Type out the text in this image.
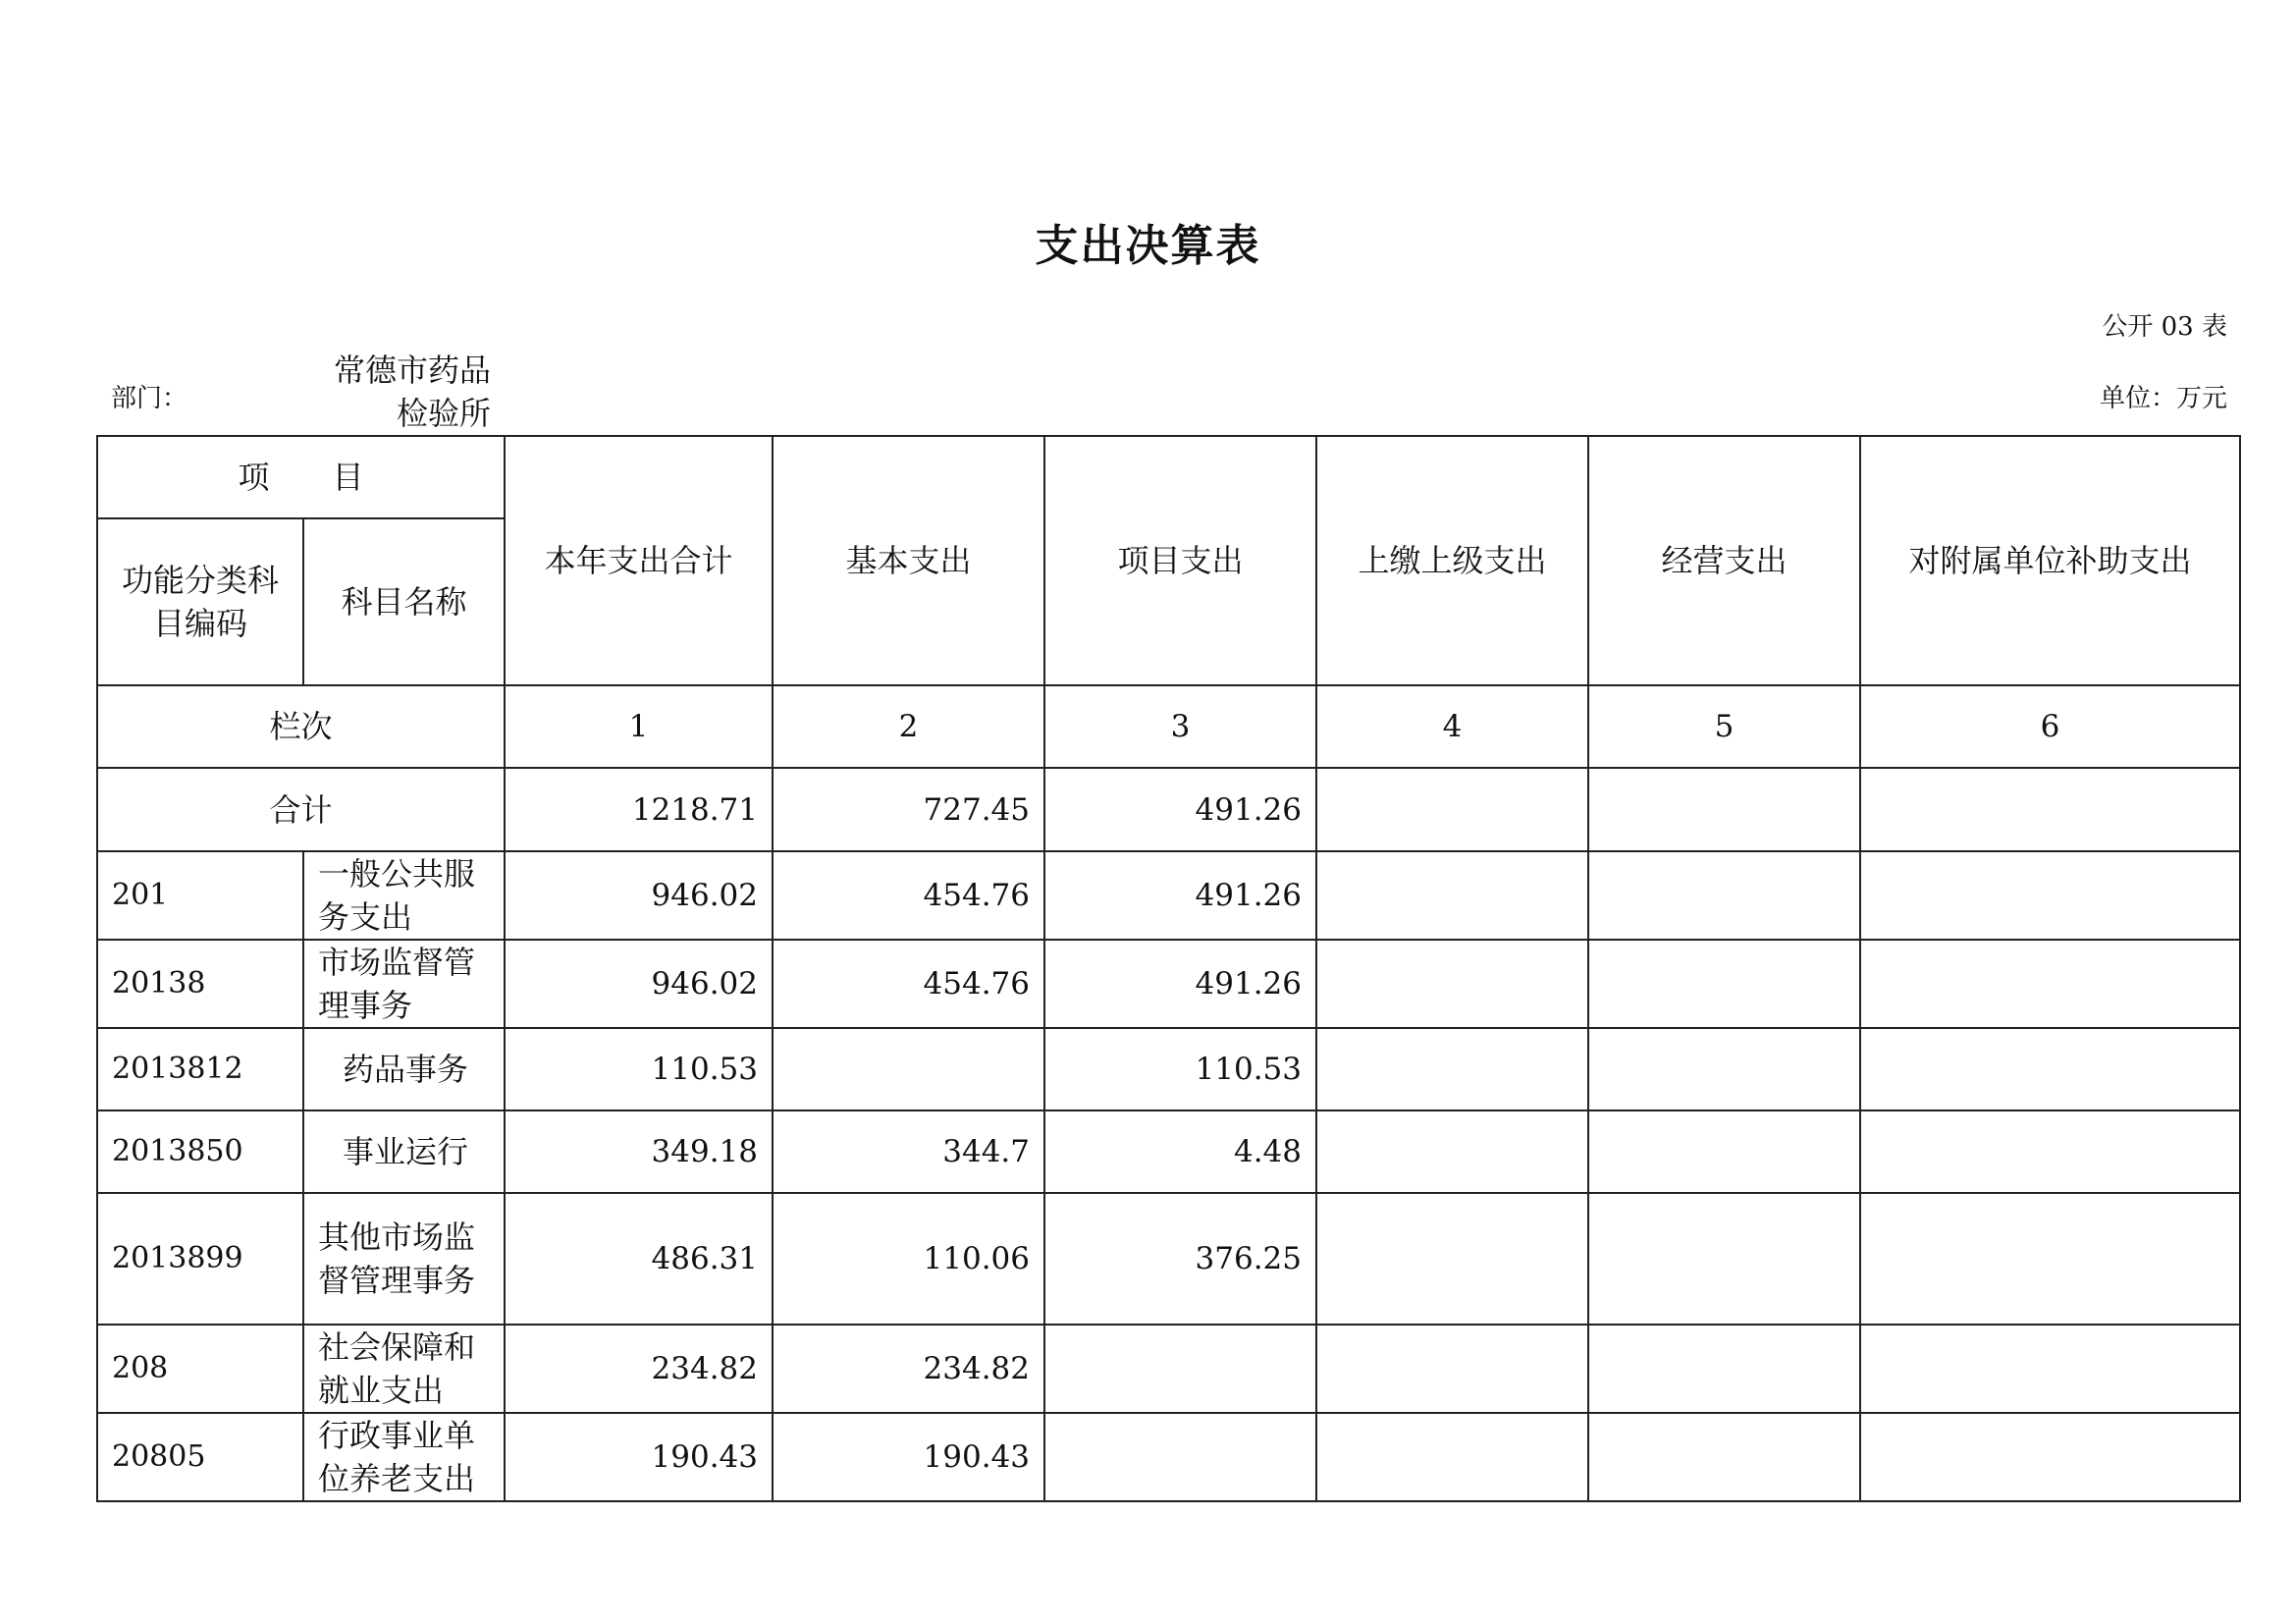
支出决算表
公开 03 表
部门：
常德市药品检验所	单位：万元
项　　目		本年支出合计	基本支出	项目支出	上缴上级支出	经营支出	对附属单位补助支出
功能分类科目编码	科目名称						
栏次		1	2	3	4	5	6
合计		1218.71	727.45	491.26			
201	一般公共服务支出	946.02	454.76	491.26			
20138	市场监督管理事务	946.02	454.76	491.26			
2013812	药品事务	110.53		110.53			
2013850	事业运行	349.18	344.7	4.48			
2013899	其他市场监督管理事务	486.31	110.06	376.25			
208	社会保障和就业支出	234.82	234.82				
20805	行政事业单位养老支出	190.43	190.43				
